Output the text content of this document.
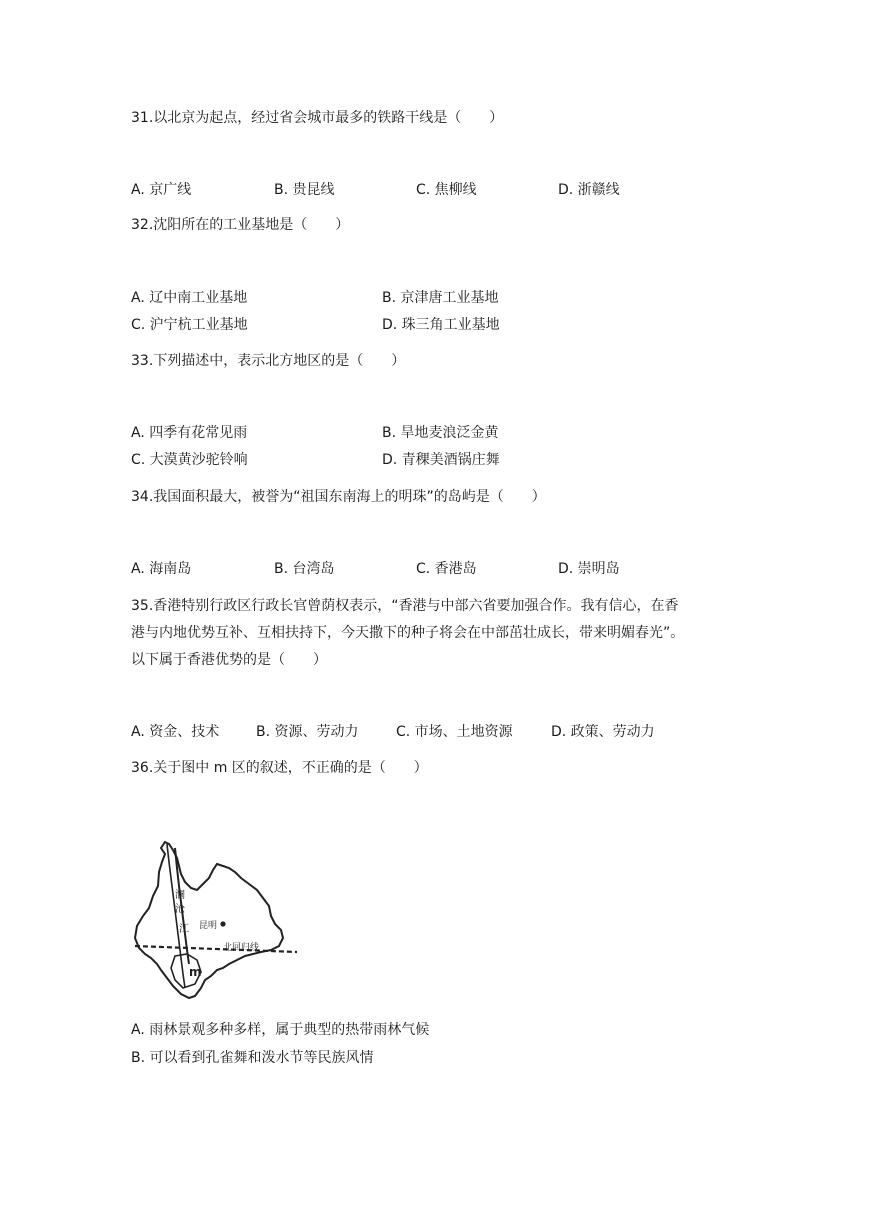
31.以北京为起点，经过省会城市最多的铁路干线是（　　）
A. 京广线	B. 贵昆线	C. 焦柳线	D. 浙赣线
32.沈阳所在的工业基地是（　　）
A. 辽中南工业基地	B. 京津唐工业基地
C. 沪宁杭工业基地	D. 珠三角工业基地
33.下列描述中，表示北方地区的是（　　）
A. 四季有花常见雨	B. 旱地麦浪泛金黄
C. 大漠黄沙驼铃响	D. 青稞美酒锅庄舞
34.我国面积最大，被誉为“祖国东南海上的明珠”的岛屿是（　　）
A. 海南岛	B. 台湾岛	C. 香港岛	D. 崇明岛
35.香港特别行政区行政长官曾荫权表示，“香港与中部六省要加强合作。我有信心，在香
港与内地优势互补、互相扶持下，今天撒下的种子将会在中部茁壮成长，带来明媚春光”。
以下属于香港优势的是（　　）
A. 资金、技术	B. 资源、劳动力	C. 市场、土地资源	D. 政策、劳动力
36.关于图中 m 区的叙述，不正确的是（　　）
澜
沧
江 昆明
北回归线
m
A. 雨林景观多种多样，属于典型的热带雨林气候
B. 可以看到孔雀舞和泼水节等民族风情
